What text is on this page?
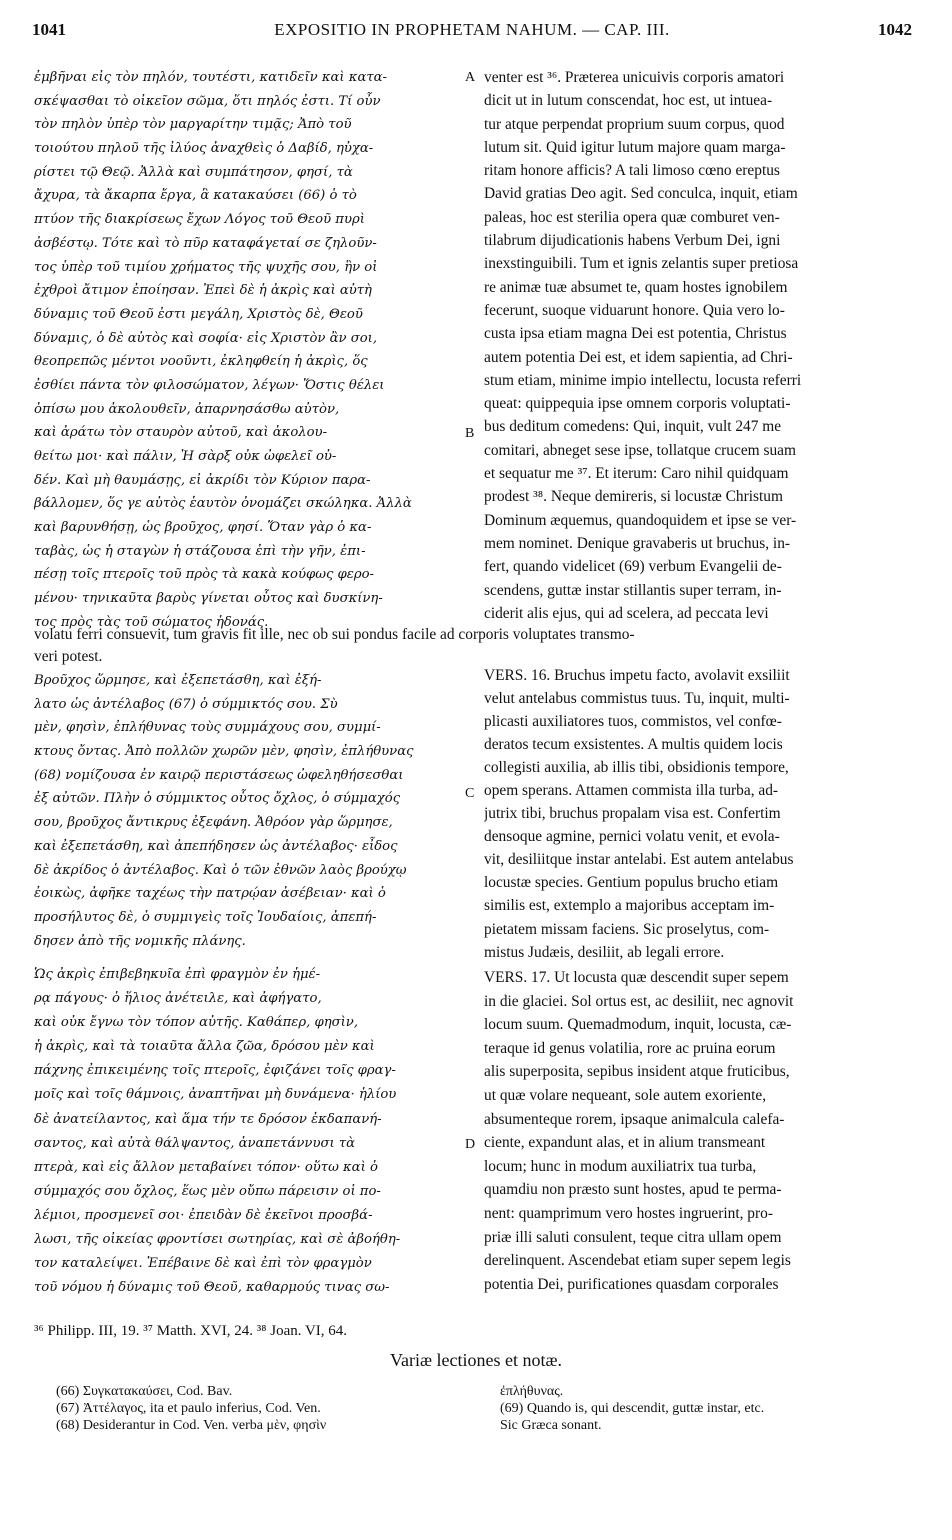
1041	EXPOSITIO IN PROPHETAM NAHUM. — CAP. III.	1042
ἐμβῆναι εἰς τὸν πηλόν, τουτέστι, κατιδεῖν καὶ κατα-
σκέψασθαι τὸ οἰκεῖον σῶμα, ὅτι πηλός ἐστι. Τί οὖν
τὸν πηλὸν ὑπὲρ τὸν μαργαρίτην τιμᾷς; Ἀπὸ τοῦ
τοιούτου πηλοῦ τῆς ἰλύος ἀναχθεὶς ὁ Δαβίδ, ηὐχα-
ρίστει τῷ Θεῷ. Ἀλλὰ καὶ συμπάτησον, φησί, τὰ
ἄχυρα, τὰ ἄκαρπα ἔργα, ἃ κατακαύσει (66) ὁ τὸ
πτύον τῆς διακρίσεως ἔχων Λόγος τοῦ Θεοῦ πυρὶ
ἀσβέστῳ. Τότε καὶ τὸ πῦρ καταφάγεταί σε ζηλοῦν-
τος ὑπὲρ τοῦ τιμίου χρήματος τῆς ψυχῆς σου, ἣν οἱ
ἐχθροὶ ἄτιμον ἐποίησαν. Ἐπεὶ δὲ ἡ ἀκρὶς καὶ αὐτὴ
δύναμις τοῦ Θεοῦ ἐστι μεγάλη, Χριστὸς δὲ, Θεοῦ
δύναμις, ὁ δὲ αὐτὸς καὶ σοφία· εἰς Χριστὸν ἂν σοι,
θεοπρεπῶς μέντοι νοοῦντι, ἐκληφθείη ἡ ἀκρὶς, ὅς
ἐσθίει πάντα τὸν φιλοσώματον, λέγων· Ὅστις θέλει
ὀπίσω μου ἀκολουθεῖν, ἀπαρνησάσθω αὐτὸν,
καὶ ἀράτω τὸν σταυρὸν αὐτοῦ, καὶ ἀκολου-
θείτω μοι· καὶ πάλιν, Ἡ σὰρξ οὐκ ὠφελεῖ οὐ-
δέν. Καὶ μὴ θαυμάσῃς, εἰ ἀκρίδι τὸν Κύριον παρα-
βάλλομεν, ὅς γε αὐτὸς ἑαυτὸν ὀνομάζει σκώληκα. Ἀλλὰ
καὶ βαρυνθήσῃ, ὡς βροῦχος, φησί. Ὅταν γὰρ ὁ κα-
ταβὰς, ὡς ἡ σταγὼν ἡ στάζουσα ἐπὶ τὴν γῆν, ἐπι-
πέσῃ τοῖς πτεροῖς τοῦ πρὸς τὰ κακὰ κούφως φερο-
μένου· τηνικαῦτα βαρὺς γίνεται οὗτος καὶ δυσκίνη-
τος πρὸς τὰς τοῦ σώματος ἡδονάς.
venter est ³⁶. Præterea unicuivis corporis amatori
dicit ut in lutum conscendat, hoc est, ut intuea-
tur atque perpendat proprium suum corpus, quod
lutum sit. Quid igitur lutum majore quam marga-
ritam honore afficis? A tali limoso cœno ereptus
David gratias Deo agit. Sed conculca, inquit, etiam
paleas, hoc est sterilia opera quæ comburet ven-
tilabrum dijudicationis habens Verbum Dei, igni
inexstinguibili. Tum et ignis zelantis super pretiosa
re animæ tuæ absumet te, quam hostes ignobilem
fecerunt, suoque viduarunt honore. Quia vero lo-
custa ipsa etiam magna Dei est potentia, Christus
autem potentia Dei est, et idem sapientia, ad Chri-
stum etiam, minime impio intellectu, locusta referri
queat: quippequia ipse omnem corporis voluptati-
bus deditum comedens: Qui, inquit, vult 247 me
comitari, abneget sese ipse, tollatque crucem suam
et sequatur me ³⁷. Et iterum: Caro nihil quidquam
prodest ³⁸. Neque demireris, si locustæ Christum
Dominum æquemus, quandoquidem et ipse se ver-
mem nominet. Denique gravaberis ut bruchus, in-
fert, quando videlicet (69) verbum Evangelii de-
scendens, guttæ instar stillantis super terram, in-
ciderit alis ejus, qui ad scelera, ad peccata levi
volatu ferri consuevit, tum gravis fit ille, nec ob sui pondus facile ad corporis voluptates transmo-
veri potest.
Βροῦχος ὥρμησε, καὶ ἐξεπετάσθη, καὶ ἐξή-
λατο ὡς ἀντέλαβος (67) ὁ σύμμικτός σου. Σὺ
μὲν, φησὶν, ἐπλήθυνας τοὺς συμμάχους σου, συμμί-
κτους ὄντας. Ἀπὸ πολλῶν χωρῶν μὲν, φησὶν, ἐπλήθυνας
(68) νομίζουσα ἐν καιρῷ περιστάσεως ὠφεληθήσεσθαι
ἐξ αὐτῶν. Πλὴν ὁ σύμμικτος οὗτος ὄχλος, ὁ σύμμαχός
σου, βροῦχος ἄντικρυς ἐξεφάνη. Ἀθρόον γὰρ ὥρμησε,
καὶ ἐξεπετάσθη, καὶ ἀπεπήδησεν ὡς ἀντέλαβος· εἶδος
δὲ ἀκρίδος ὁ ἀντέλαβος. Καὶ ὁ τῶν ἐθνῶν λαὸς βρούχῳ
ἐοικὼς, ἀφῆκε ταχέως τὴν πατρῴαν ἀσέβειαν· καὶ ὁ
προσήλυτος δὲ, ὁ συμμιγεὶς τοῖς Ἰουδαίοις, ἀπεπή-
δησεν ἀπὸ τῆς νομικῆς πλάνης.
VERS. 16. Bruchus impetu facto, avolavit exsiliit
velut antelabus commistus tuus. Tu, inquit, multi-
plicasti auxiliatores tuos, commistos, vel confœ-
deratos tecum exsistentes. A multis quidem locis
collegisti auxilia, ab illis tibi, obsidionis tempore,
opem sperans. Attamen commista illa turba, ad-
jutrix tibi, bruchus propalam visa est. Confertim
densoque agmine, pernici volatu venit, et evola-
vit, desiliitque instar antelabi. Est autem antelabus
locustæ species. Gentium populus brucho etiam
similis est, extemplo a majoribus acceptam im-
pietatem missam faciens. Sic proselytus, com-
mistus Judæis, desiliit, ab legali errore.
Ὡς ἀκρὶς ἐπιβεβηκυῖα ἐπὶ φραγμὸν ἐν ἡμέ-
ρᾳ πάγους· ὁ ἥλιος ἀνέτειλε, καὶ ἀφήγατο,
καὶ οὐκ ἔγνω τὸν τόπον αὐτῆς. Καθάπερ, φησὶν,
ἡ ἀκρὶς, καὶ τὰ τοιαῦτα ἄλλα ζῶα, δρόσου μὲν καὶ
πάχνης ἐπικειμένης τοῖς πτεροῖς, ἐφιζάνει τοῖς φραγ-
μοῖς καὶ τοῖς θάμνοις, ἀναπτῆναι μὴ δυνάμενα· ἡλίου
δὲ ἀνατείλαντος, καὶ ἅμα τήν τε δρόσον ἐκδαπανή-
σαντος, καὶ αὐτὰ θάλψαντος, ἀναπετάννυσι τὰ
πτερὰ, καὶ εἰς ἄλλον μεταβαίνει τόπον· οὕτω καὶ ὁ
σύμμαχός σου ὄχλος, ἕως μὲν οὔπω πάρεισιν οἱ πο-
λέμιοι, προσμενεῖ σοι· ἐπειδὰν δὲ ἐκεῖνοι προσβά-
λωσι, τῆς οἰκείας φροντίσει σωτηρίας, καὶ σὲ ἀβοήθη-
τον καταλείψει. Ἐπέβαινε δὲ καὶ ἐπὶ τὸν φραγμὸν
τοῦ νόμου ἡ δύναμις τοῦ Θεοῦ, καθαρμούς τινας σω-
VERS. 17. Ut locusta quæ descendit super sepem
in die glaciei. Sol ortus est, ac desiliit, nec agnovit
locum suum. Quemadmodum, inquit, locusta, cæ-
teraque id genus volatilia, rore ac pruina eorum
alis superposita, sepibus insident atque fruticibus,
ut quæ volare nequeant, sole autem exoriente,
absumenteque rorem, ipsaque animalcula calefa-
ciente, expandunt alas, et in alium transmeant
locum; hunc in modum auxiliatrix tua turba,
quamdiu non præsto sunt hostes, apud te perma-
nent: quamprimum vero hostes ingruerint, pro-
priæ illi saluti consulent, teque citra ullam opem
derelinquent. Ascendebat etiam super sepem legis
potentia Dei, purificationes quasdam corporales
A
B
C
D
³⁶ Philipp. III, 19. ³⁷ Matth. XVI, 24. ³⁸ Joan. VI, 64.
Variæ lectiones et notæ.
(66) Συγκατακαύσει, Cod. Bav.
(67) Ἀττέλαγος, ita et paulo inferius, Cod. Ven.
(68) Desiderantur in Cod. Ven. verba μὲν, φησὶν
ἐπλήθυνας.
(69) Quando is, qui descendit, guttæ instar, etc.
Sic Græca sonant.
